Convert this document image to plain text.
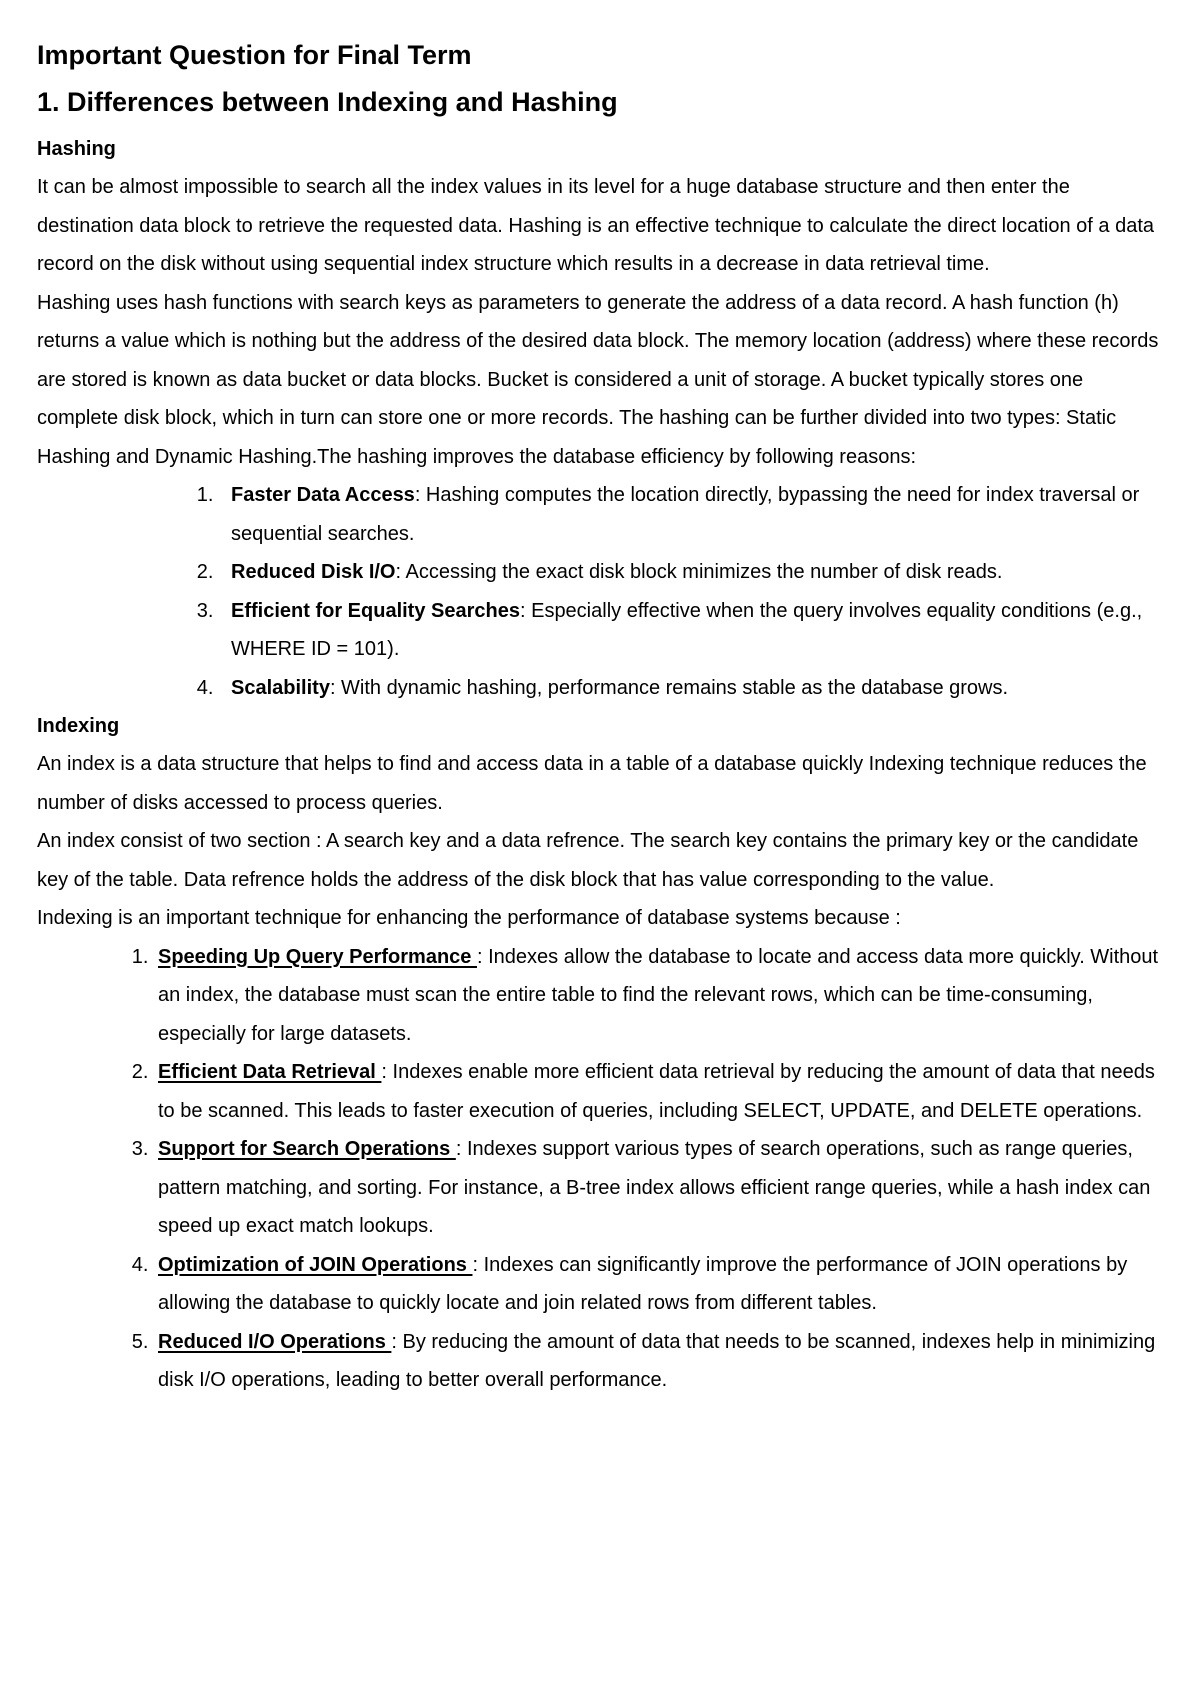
Important Question for Final Term
1. Differences between Indexing and Hashing
Hashing

It can be almost impossible to search all the index values in its level for a huge database structure and then enter the destination data block to retrieve the requested data. Hashing is an effective technique to calculate the direct location of a data record on the disk without using sequential index structure which results in a decrease in data retrieval time.

Hashing uses hash functions with search keys as parameters to generate the address of a data record. A hash function (h) returns a value which is nothing but the address of the desired data block. The memory location (address) where these records are stored is known as data bucket or data blocks. Bucket is considered a unit of storage. A bucket typically stores one complete disk block, which in turn can store one or more records. The hashing can be further divided into two types: Static Hashing and Dynamic Hashing.The hashing improves the database efficiency by following reasons:

1. Faster Data Access: Hashing computes the location directly, bypassing the need for index traversal or sequential searches.
2. Reduced Disk I/O: Accessing the exact disk block minimizes the number of disk reads.
3. Efficient for Equality Searches: Especially effective when the query involves equality conditions (e.g., WHERE ID = 101).
4. Scalability: With dynamic hashing, performance remains stable as the database grows.
Indexing

An index is a data structure that helps to find and access data in a table of a database quickly Indexing technique reduces the number of disks accessed to process queries.

An index consist of two section : A search key and a data refrence. The search key contains the primary key or the candidate key of the table. Data refrence holds the address of the disk block that has value corresponding to the value.

Indexing is an important technique for enhancing the performance of database systems because :

1. Speeding Up Query Performance : Indexes allow the database to locate and access data more quickly. Without an index, the database must scan the entire table to find the relevant rows, which can be time-consuming, especially for large datasets.
2. Efficient Data Retrieval : Indexes enable more efficient data retrieval by reducing the amount of data that needs to be scanned. This leads to faster execution of queries, including SELECT, UPDATE, and DELETE operations.
3. Support for Search Operations : Indexes support various types of search operations, such as range queries, pattern matching, and sorting. For instance, a B-tree index allows efficient range queries, while a hash index can speed up exact match lookups.
4. Optimization of JOIN Operations : Indexes can significantly improve the performance of JOIN operations by allowing the database to quickly locate and join related rows from different tables.
5. Reduced I/O Operations : By reducing the amount of data that needs to be scanned, indexes help in minimizing disk I/O operations, leading to better overall performance.
